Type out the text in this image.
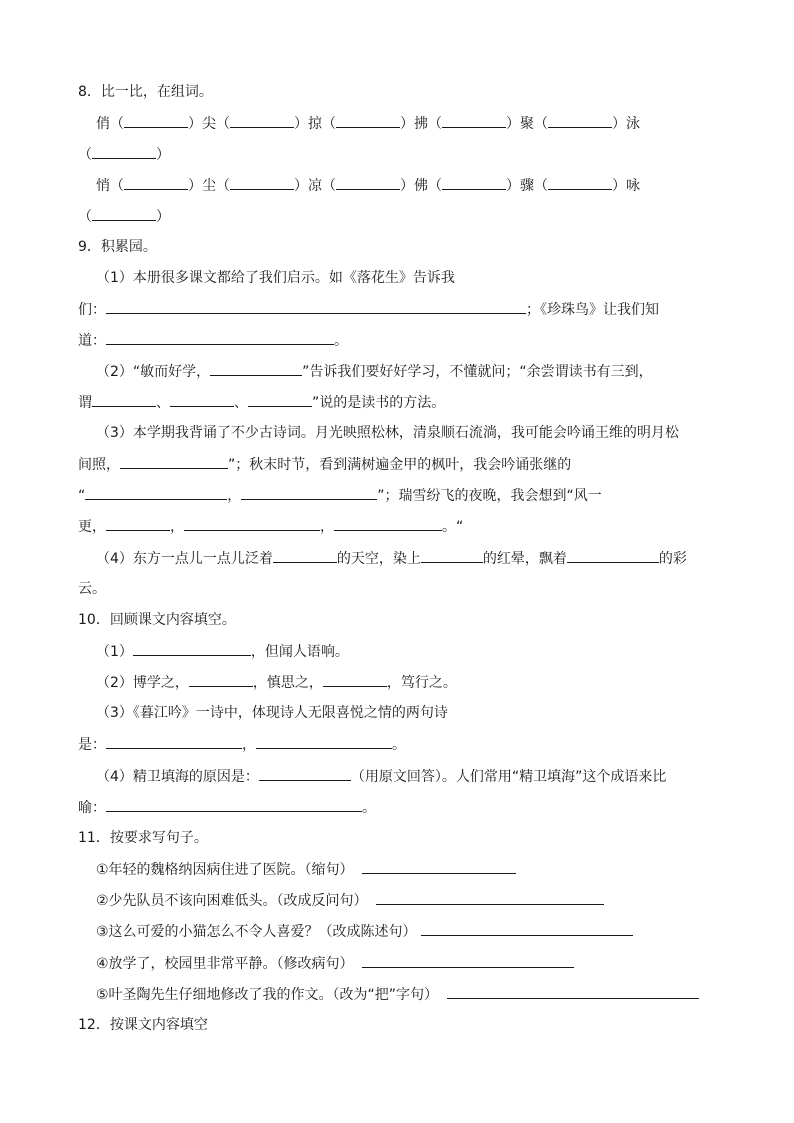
8．比一比，在组词。
俏（	）尖（	）掠（	）拂（	）聚（	）泳
（	）
悄（	）尘（	）凉（	）佛（	）骤（	）咏
（	）
9．积累园。
（1）本册很多课文都给了我们启示。如《落花生》告诉我
们：	；《珍珠鸟》让我们知
道：	。
（2）“敏而好学，	”告诉我们要好好学习，不懂就问；“余尝谓读书有三到，
谓	、	、	”说的是读书的方法。
（3）本学期我背诵了不少古诗词。月光映照松林，清泉顺石流淌，我可能会吟诵王维的明月松
间照，	”；秋末时节，看到满树遍金甲的枫叶，我会吟诵张继的
“	，	”；瑞雪纷飞的夜晚，我会想到“风一
更，	，	，	。“
（4）东方一点儿一点儿泛着	的天空，染上	的红晕，飘着	的彩
云。
10．回顾课文内容填空。
（1）	，但闻人语响。
（2）博学之，	，慎思之，	，笃行之。
（3）《暮江吟》一诗中，体现诗人无限喜悦之情的两句诗
是：	，	。
（4）精卫填海的原因是：	（用原文回答）。人们常用“精卫填海”这个成语来比
喻：	。
11．按要求写句子。
①年轻的魏格纳因病住进了医院。（缩句）
②少先队员不该向困难低头。（改成反问句）
③这么可爱的小猫怎么不令人喜爱？（改成陈述句）
④放学了，校园里非常平静。（修改病句）
⑤叶圣陶先生仔细地修改了我的作文。（改为“把”字句）
12．按课文内容填空
